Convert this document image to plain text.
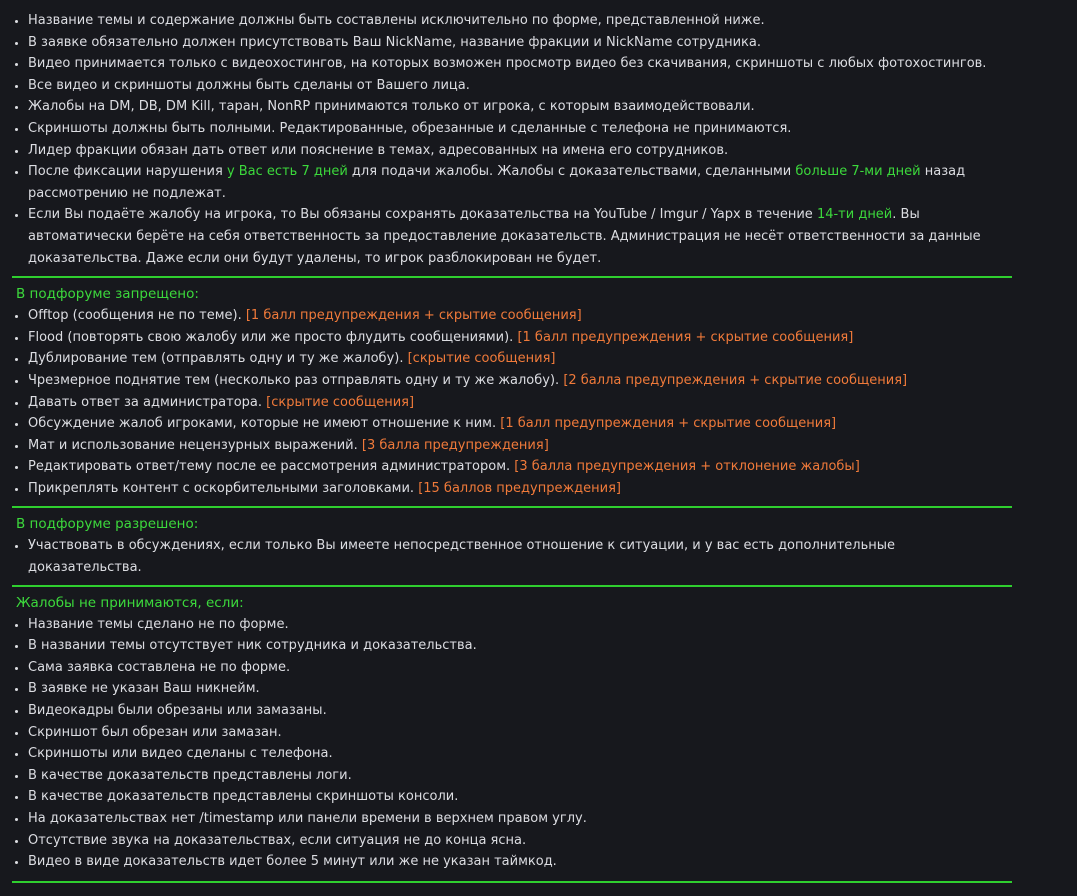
Название темы и содержание должны быть составлены исключительно по форме, представленной ниже.
В заявке обязательно должен присутствовать Ваш NickName, название фракции и NickName сотрудника.
Видео принимается только с видеохостингов, на которых возможен просмотр видео без скачивания, скриншоты с любых фотохостингов.
Все видео и скриншоты должны быть сделаны от Вашего лица.
Жалобы на DM, DB, DM Kill, таран, NonRP принимаются только от игрока, с которым взаимодействовали.
Скриншоты должны быть полными. Редактированные, обрезанные и сделанные с телефона не принимаются.
Лидер фракции обязан дать ответ или пояснение в темах, адресованных на имена его сотрудников.
После фиксации нарушения у Вас есть 7 дней для подачи жалобы. Жалобы с доказательствами, сделанными больше 7-ми дней назад рассмотрению не подлежат.
Если Вы подаёте жалобу на игрока, то Вы обязаны сохранять доказательства на YouTube / Imgur / Yapx в течение 14-ти дней. Вы автоматически берёте на себя ответственность за предоставление доказательств. Администрация не несёт ответственности за данные доказательства. Даже если они будут удалены, то игрок разблокирован не будет.
В подфоруме запрещено:
Offtop (сообщения не по теме). [1 балл предупреждения + скрытие сообщения]
Flood (повторять свою жалобу или же просто флудить сообщениями). [1 балл предупреждения + скрытие сообщения]
Дублирование тем (отправлять одну и ту же жалобу). [скрытие сообщения]
Чрезмерное поднятие тем (несколько раз отправлять одну и ту же жалобу). [2 балла предупреждения + скрытие сообщения]
Давать ответ за администратора. [скрытие сообщения]
Обсуждение жалоб игроками, которые не имеют отношение к ним. [1 балл предупреждения + скрытие сообщения]
Мат и использование нецензурных выражений. [3 балла предупреждения]
Редактировать ответ/тему после ее рассмотрения администратором. [3 балла предупреждения + отклонение жалобы]
Прикреплять контент с оскорбительными заголовками. [15 баллов предупреждения]
В подфоруме разрешено:
Участвовать в обсуждениях, если только Вы имеете непосредственное отношение к ситуации, и у вас есть дополнительные доказательства.
Жалобы не принимаются, если:
Название темы сделано не по форме.
В названии темы отсутствует ник сотрудника и доказательства.
Сама заявка составлена не по форме.
В заявке не указан Ваш никнейм.
Видеокадры были обрезаны или замазаны.
Скриншот был обрезан или замазан.
Скриншоты или видео сделаны с телефона.
В качестве доказательств представлены логи.
В качестве доказательств представлены скриншоты консоли.
На доказательствах нет /timestamp или панели времени в верхнем правом углу.
Отсутствие звука на доказательствах, если ситуация не до конца ясна.
Видео в виде доказательств идет более 5 минут или же не указан таймкод.
